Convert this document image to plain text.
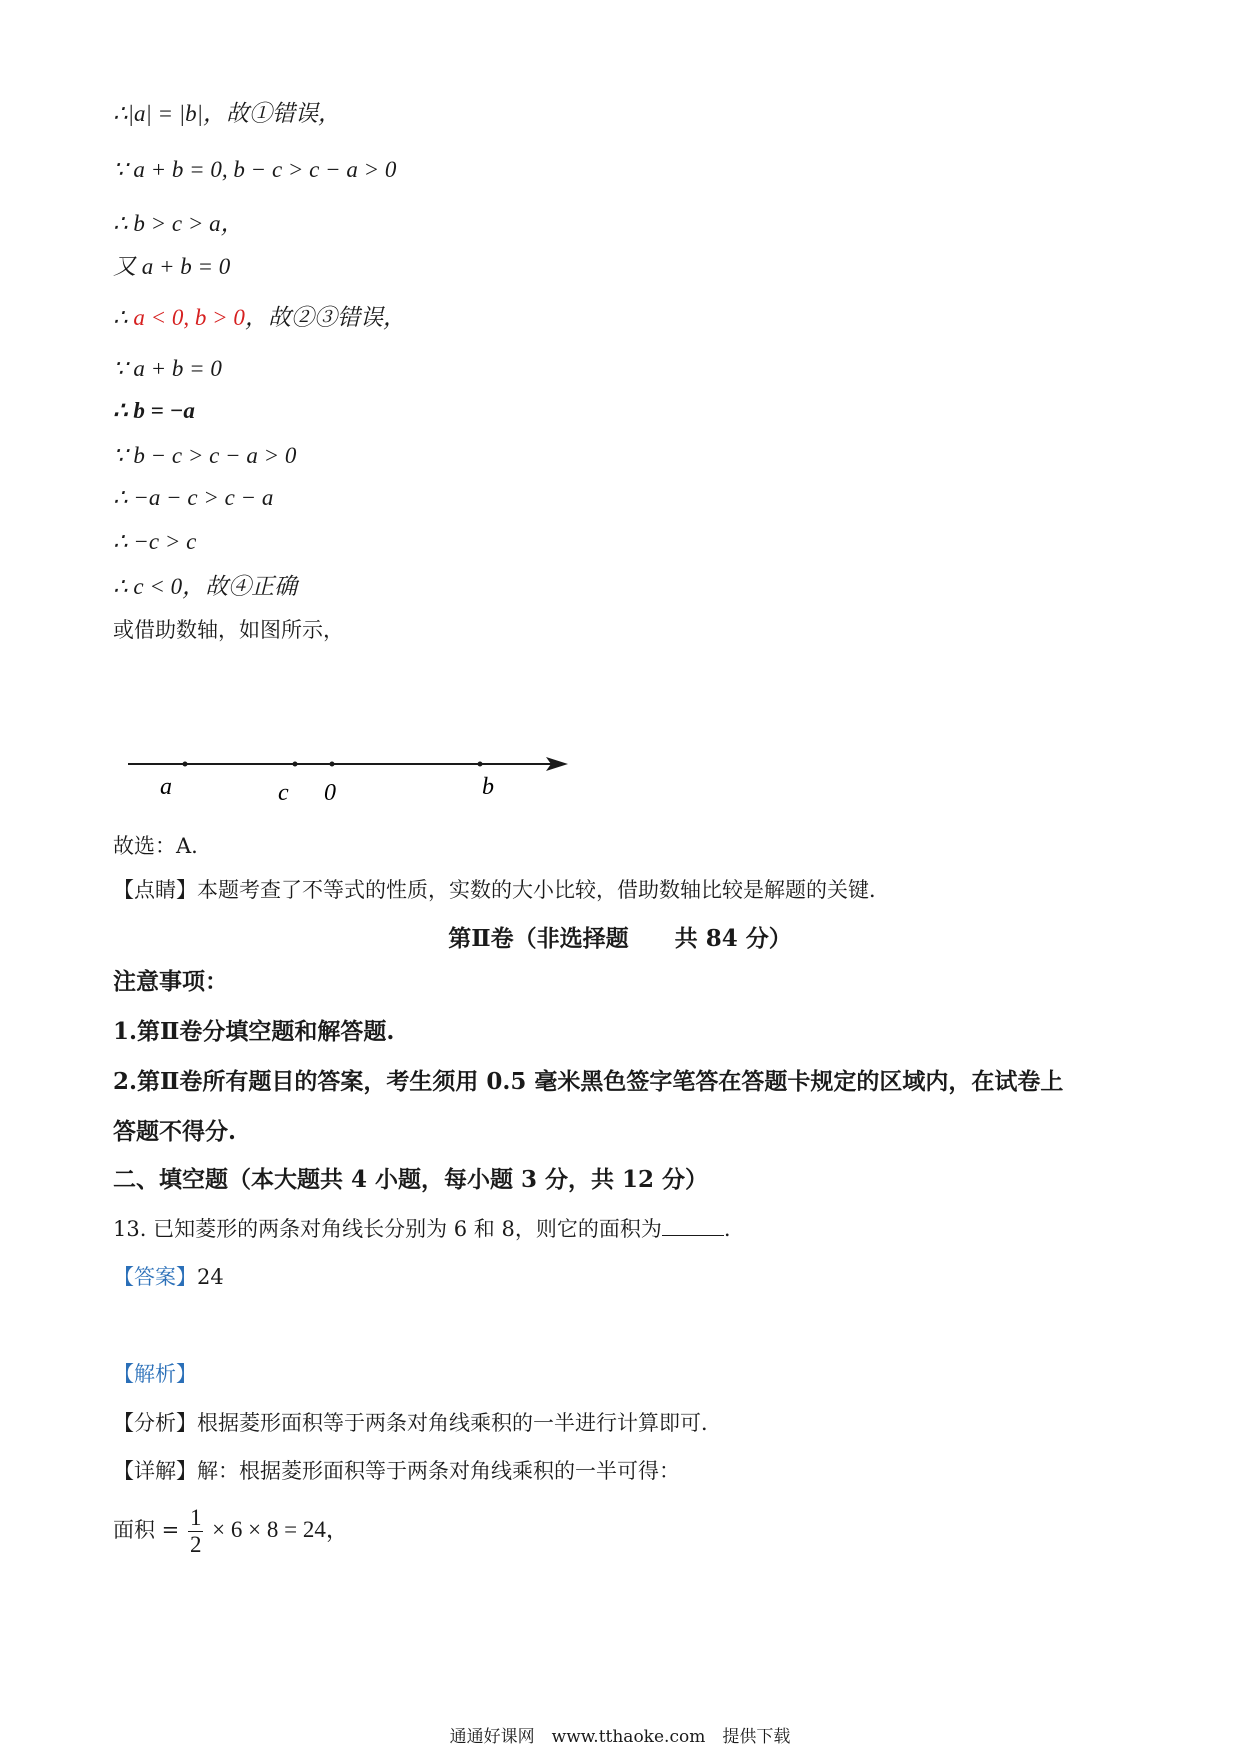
∴|a| = |b|，故①错误，
∵ a + b = 0, b − c > c − a > 0
∴ b > c > a，
又 a + b = 0
∴ a < 0, b > 0，故②③错误，
∵ a + b = 0
∴ b = −a
∵ b − c > c − a > 0
∴ −a − c > c − a
∴ −c > c
∴ c < 0，故④正确
或借助数轴，如图所示，
a	c 0	b
故选：A.
【点睛】本题考查了不等式的性质，实数的大小比较，借助数轴比较是解题的关键．
第Ⅱ卷（非选择题　　共 84 分）
注意事项：
1.第Ⅱ卷分填空题和解答题.
2.第Ⅱ卷所有题目的答案，考生须用 0.5 毫米黑色签字笔答在答题卡规定的区域内，在试卷上
答题不得分.
二、填空题（本大题共 4 小题，每小题 3 分，共 12 分）
13. 已知菱形的两条对角线长分别为 6 和 8，则它的面积为	.
【答案】24
【解析】
【分析】根据菱形面积等于两条对角线乘积的一半进行计算即可．
【详解】解：根据菱形面积等于两条对角线乘积的一半可得：
面积 = $\frac{1}{2} \times 6 \times 8 = 24$，
通通好课网　www.tthaoke.com　提供下载
